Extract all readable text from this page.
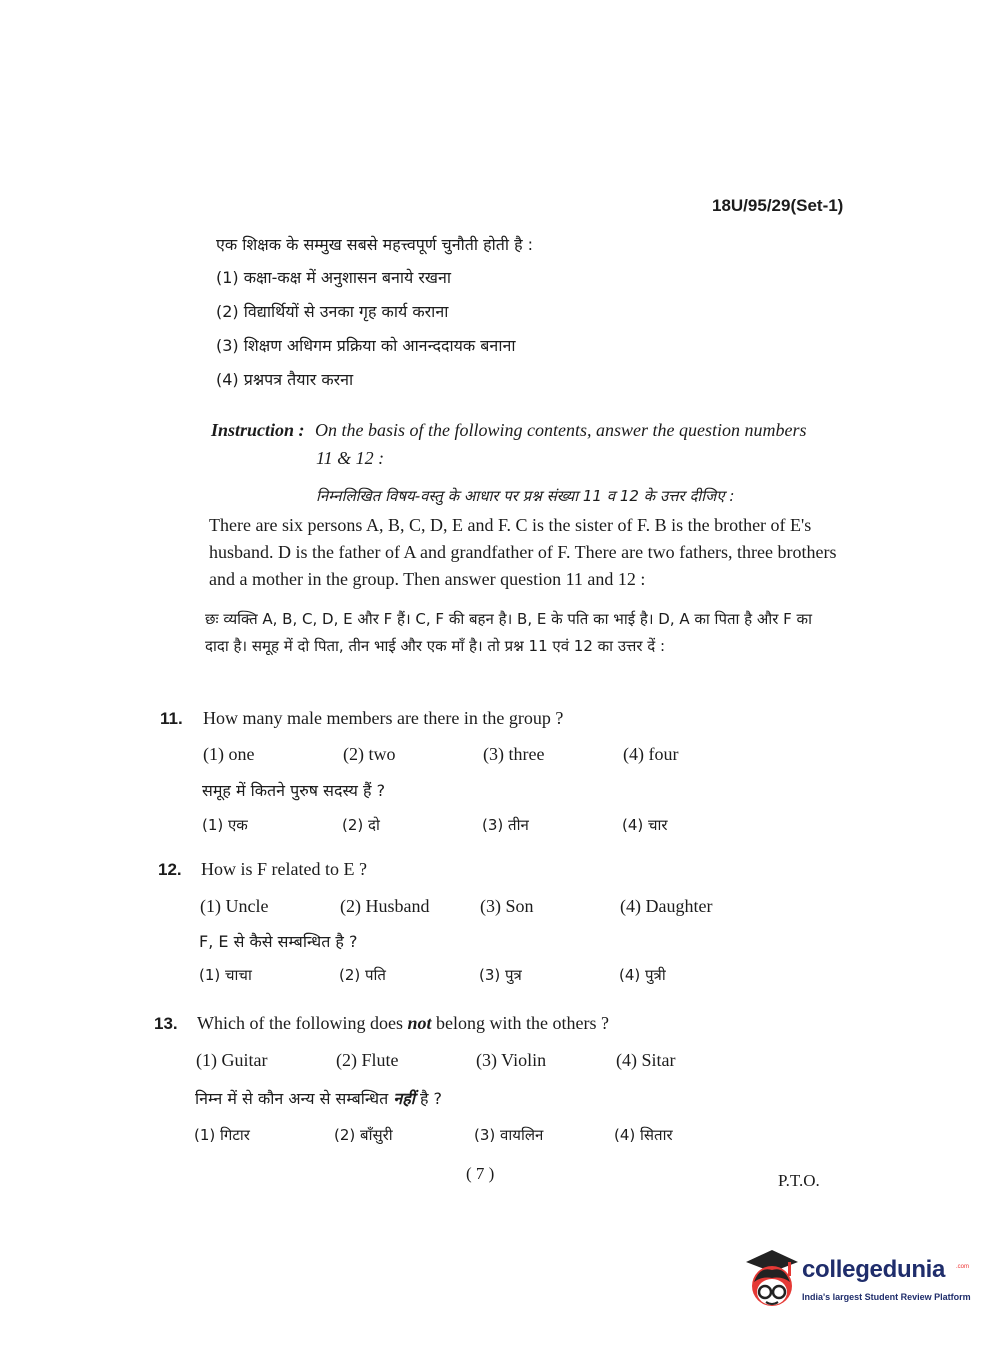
18U/95/29(Set-1)
एक शिक्षक के सम्मुख सबसे महत्त्वपूर्ण चुनौती होती है :
(1) कक्षा-कक्ष में अनुशासन बनाये रखना
(2) विद्यार्थियों से उनका गृह कार्य कराना
(3) शिक्षण अधिगम प्रक्रिया को आनन्ददायक बनाना
(4) प्रश्नपत्र तैयार करना
Instruction : On the basis of the following contents, answer the question numbers
11 & 12 :
निम्नलिखित विषय-वस्तु के आधार पर प्रश्न संख्या 11 व 12 के उत्तर दीजिए :
There are six persons A, B, C, D, E and F. C is the sister of F. B is the brother of E's husband. D is the father of A and grandfather of F. There are two fathers, three brothers and a mother in the group. Then answer question 11 and 12 :
छः व्यक्ति A, B, C, D, E और F हैं। C, F की बहन है। B, E के पति का भाई है। D, A का पिता है और F का दादा है। समूह में दो पिता, तीन भाई और एक माँ है। तो प्रश्न 11 एवं 12 का उत्तर दें :
11. How many male members are there in the group ?
(1) one	(2) two	(3) three	(4) four
समूह में कितने पुरुष सदस्य हैं ?
(1) एक	(2) दो	(3) तीन	(4) चार
12. How is F related to E ?
(1) Uncle	(2) Husband	(3) Son	(4) Daughter
F, E से कैसे सम्बन्धित है ?
(1) चाचा	(2) पति	(3) पुत्र	(4) पुत्री
13. Which of the following does not belong with the others ?
(1) Guitar	(2) Flute	(3) Violin	(4) Sitar
निम्न में से कौन अन्य से सम्बन्धित नहीं है ?
(1) गिटार	(2) बाँसुरी	(3) वायलिन	(4) सितार
( 7 )	P.T.O.
collegedunia .com
India's largest Student Review Platform
